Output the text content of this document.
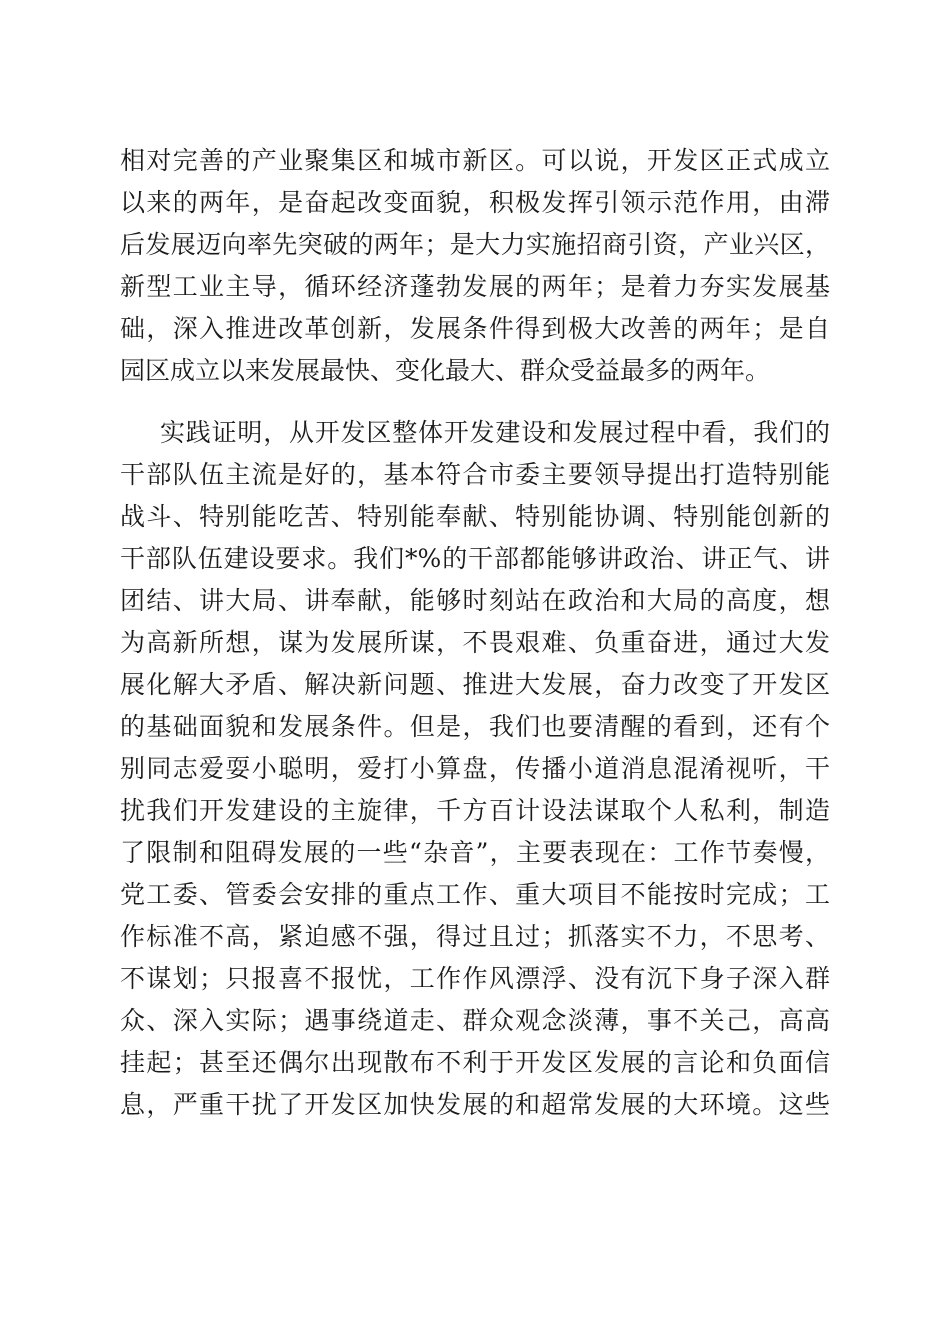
相对完善的产业聚集区和城市新区。可以说，开发区正式成立
以来的两年，是奋起改变面貌，积极发挥引领示范作用，由滞
后发展迈向率先突破的两年；是大力实施招商引资，产业兴区，
新型工业主导，循环经济蓬勃发展的两年；是着力夯实发展基
础，深入推进改革创新，发展条件得到极大改善的两年；是自
园区成立以来发展最快、变化最大、群众受益最多的两年。
实践证明，从开发区整体开发建设和发展过程中看，我们的
干部队伍主流是好的，基本符合市委主要领导提出打造特别能
战斗、特别能吃苦、特别能奉献、特别能协调、特别能创新的
干部队伍建设要求。我们*%的干部都能够讲政治、讲正气、讲
团结、讲大局、讲奉献，能够时刻站在政治和大局的高度，想
为高新所想，谋为发展所谋，不畏艰难、负重奋进，通过大发
展化解大矛盾、解决新问题、推进大发展，奋力改变了开发区
的基础面貌和发展条件。但是，我们也要清醒的看到，还有个
别同志爱耍小聪明，爱打小算盘，传播小道消息混淆视听，干
扰我们开发建设的主旋律，千方百计设法谋取个人私利，制造
了限制和阻碍发展的一些“杂音”，主要表现在：工作节奏慢，
党工委、管委会安排的重点工作、重大项目不能按时完成；工
作标准不高，紧迫感不强，得过且过；抓落实不力，不思考、
不谋划；只报喜不报忧，工作作风漂浮、没有沉下身子深入群
众、深入实际；遇事绕道走、群众观念淡薄，事不关己，高高
挂起；甚至还偶尔出现散布不利于开发区发展的言论和负面信
息，严重干扰了开发区加快发展的和超常发展的大环境。这些
